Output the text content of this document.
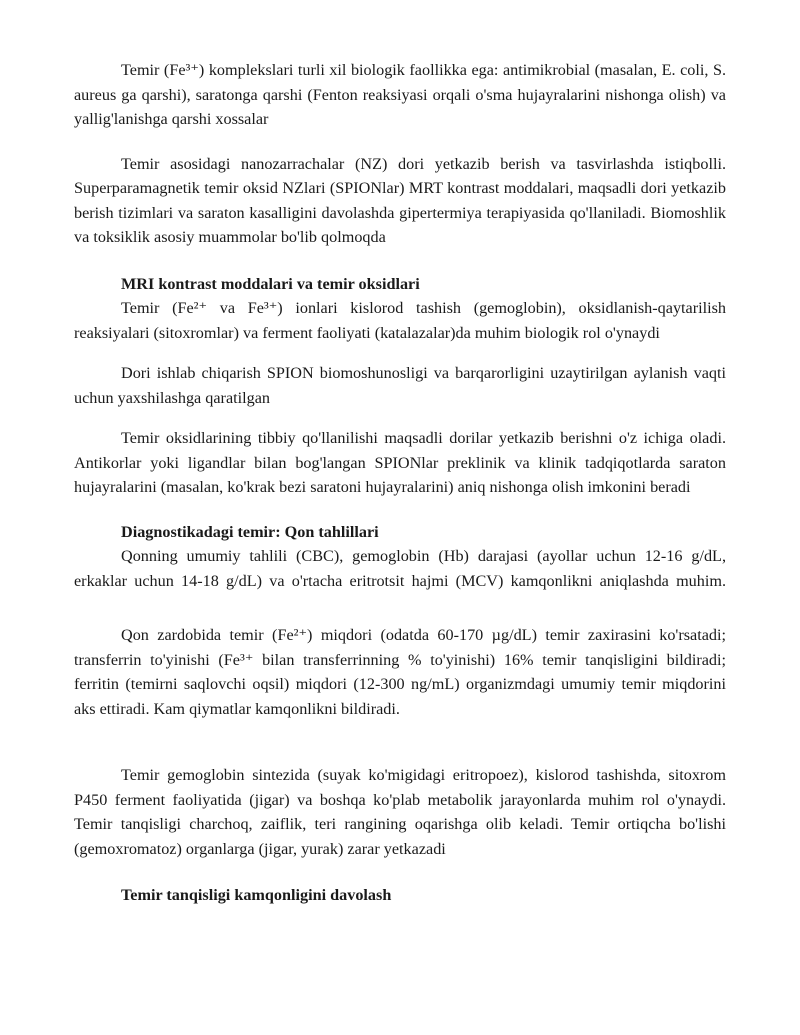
Temir (Fe³⁺) komplekslari turli xil biologik faollikka ega: antimikrobial (masalan, E. coli, S. aureus ga qarshi), saratonga qarshi (Fenton reaksiyasi orqali o'sma hujayralarini nishonga olish) va yallig'lanishga qarshi xossalar

Temir asosidagi nanozarrachalar (NZ) dori yetkazib berish va tasvirlashda istiqbolli. Superparamagnetik temir oksid NZlari (SPIONlar) MRT kontrast moddalari, maqsadli dori yetkazib berish tizimlari va saraton kasalligini davolashda gipertermiya terapiyasida qo'llaniladi. Biomoshlik va toksiklik asosiy muammolar bo'lib qolmoqda

MRI kontrast moddalari va temir oksidlari

Temir (Fe²⁺ va Fe³⁺) ionlari kislorod tashish (gemoglobin), oksidlanish-qaytarilish reaksiyalari (sitoxromlar) va ferment faoliyati (katalazalar)da muhim biologik rol o'ynaydi

Dori ishlab chiqarish SPION biomoshunosligi va barqarorligini uzaytirilgan aylanish vaqti uchun yaxshilashga qaratilgan

Temir oksidlarining tibbiy qo'llanilishi maqsadli dorilar yetkazib berishni o'z ichiga oladi. Antikorlar yoki ligandlar bilan bog'langan SPIONlar preklinik va klinik tadqiqotlarda saraton hujayralarini (masalan, ko'krak bezi saratoni hujayralarini) aniq nishonga olish imkonini beradi

Diagnostikadagi temir: Qon tahlillari

Qonning umumiy tahlili (CBC), gemoglobin (Hb) darajasi (ayollar uchun 12-16 g/dL, erkaklar uchun 14-18 g/dL) va o'rtacha eritrotsit hajmi (MCV) kamqonlikni aniqlashda muhim.

Qon zardobida temir (Fe²⁺) miqdori (odatda 60-170 µg/dL) temir zaxirasini ko'rsatadi; transferrin to'yinishi (Fe³⁺ bilan transferrinning % to'yinishi) 16% temir tanqisligini bildiradi; ferritin (temirni saqlovchi oqsil) miqdori (12-300 ng/mL) organizmdagi umumiy temir miqdorini aks ettiradi. Kam qiymatlar kamqonlikni bildiradi.

Temir gemoglobin sintezida (suyak ko'migidagi eritropoez), kislorod tashishda, sitoxrom P450 ferment faoliyatida (jigar) va boshqa ko'plab metabolik jarayonlarda muhim rol o'ynaydi. Temir tanqisligi charchoq, zaiflik, teri rangining oqarishga olib keladi. Temir ortiqcha bo'lishi (gemoxromatoz) organlarga (jigar, yurak) zarar yetkazadi

Temir tanqisligi kamqonligini davolash
